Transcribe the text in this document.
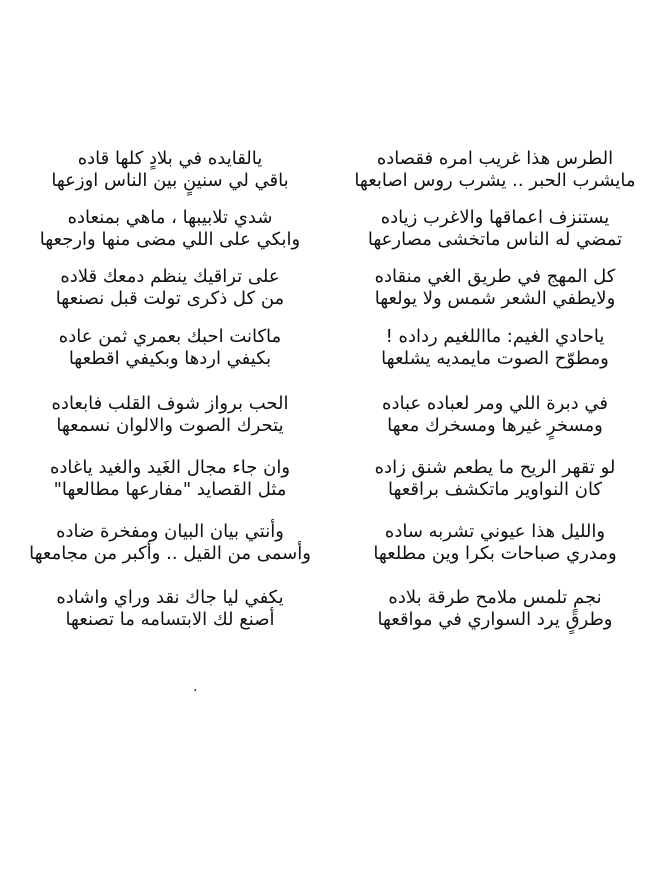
الطرس هذا غريب امره فقصاده
مايشرب الحبر .. يشرب روس اصابعها
يالقايده في بلادٍ كلها قاده
باقي لي سنينٍ بين الناس اوزعها
يستنزف اعماقها والاغرب زياده
تمضي له الناس ماتخشى مصارعها
شدي تلابيبها ، ماهي بمنعاده
وابكي على اللي مضى منها وارجعها
كل المهج في طريق الغي منقاده
ولايطفي الشعر شمس ولا يولعها
على تراقيك ينظم دمعك قلاده
من كل ذكرى تولت قبل نصنعها
ياحادي الغيم: مااللغيم رداده !
ومطوّح الصوت مايمديه يشلعها
ماكانت احبك بعمري ثمن عاده
بكيفي اردها وبكيفي اقطعها
في دبرة اللي ومر لعباده عباده
ومسخرٍ غيرها ومسخرك معها
الحب برواز شوف القلب فابعاده
يتحرك الصوت والالوان نسمعها
لو تقهر الريح ما يطعم شنق زاده
كان النواوير ماتكشف براقعها
وان جاء مجال الغَيد والغيد ياغاده
مثل القصايد "مفارعها مطالعها"
والليل هذا عيوني تشربه ساده
ومدري صباحات بكرا وين مطلعها
وأنتي بيان البيان ومفخرة ضاده
وأسمى من القيل .. وأكبر من مجامعها
نجمٍ تلمس ملامح طرقة بلاده
وطرقٍ يرد السواري في مواقعها
يكفي ليا جاك نقد وراي واشاده
أصنع لك الابتسامه ما تصنعها
.
